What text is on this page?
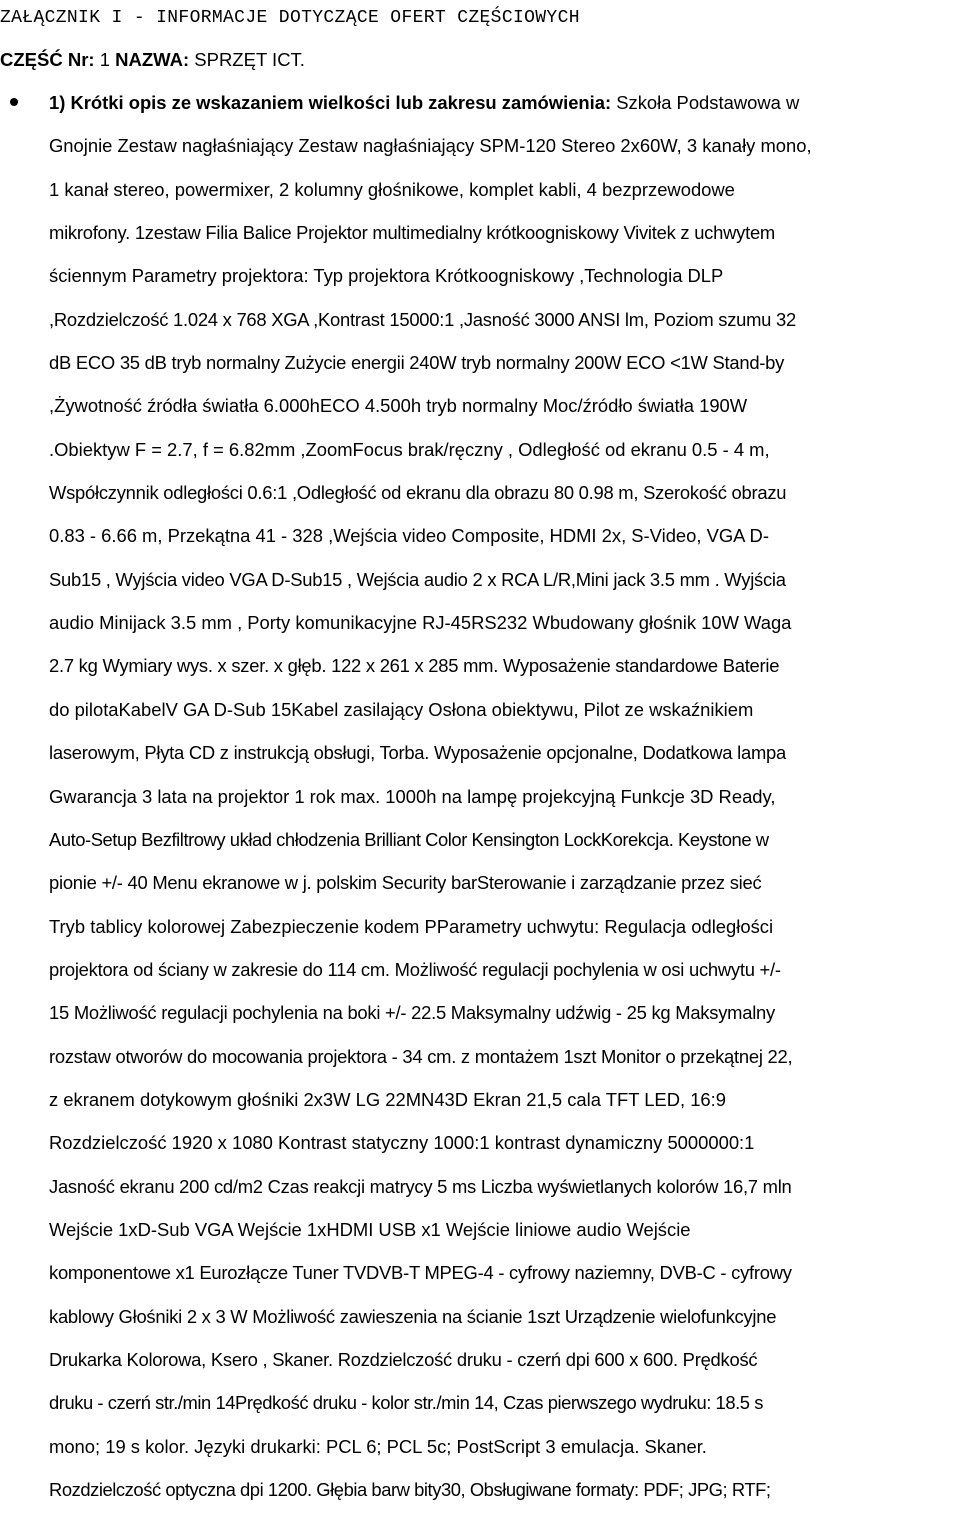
ZAŁĄCZNIK I - INFORMACJE DOTYCZĄCE OFERT CZĘŚCIOWYCH
CZĘŚĆ Nr: 1 NAZWA: SPRZĘT ICT.
1) Krótki opis ze wskazaniem wielkości lub zakresu zamówienia: Szkoła Podstawowa w
Gnojnie Zestaw nagłaśniający Zestaw nagłaśniający SPM-120 Stereo 2x60W, 3 kanały mono,
1 kanał stereo, powermixer, 2 kolumny głośnikowe, komplet kabli, 4 bezprzewodowe
mikrofony. 1zestaw Filia Balice Projektor multimedialny krótkoogniskowy Vivitek z uchwytem
ściennym Parametry projektora: Typ projektora Krótkoogniskowy ,Technologia DLP
,Rozdzielczość 1.024 x 768 XGA ,Kontrast 15000:1 ,Jasność 3000 ANSI lm, Poziom szumu 32
dB ECO 35 dB tryb normalny Zużycie energii 240W tryb normalny 200W ECO <1W Stand-by
,Żywotność źródła światła 6.000hECO 4.500h tryb normalny Moc/źródło światła 190W
.Obiektyw F = 2.7, f = 6.82mm ,ZoomFocus brak/ręczny , Odległość od ekranu 0.5 - 4 m,
Współczynnik odległości 0.6:1 ,Odległość od ekranu dla obrazu 80 0.98 m, Szerokość obrazu
0.83 - 6.66 m, Przekątna 41 - 328 ,Wejścia video Composite, HDMI 2x, S-Video, VGA D-
Sub15 , Wyjścia video VGA D-Sub15 , Wejścia audio 2 x RCA L/R,Mini jack 3.5 mm . Wyjścia
audio Minijack 3.5 mm , Porty komunikacyjne RJ-45RS232 Wbudowany głośnik 10W Waga
2.7 kg Wymiary wys. x szer. x głęb. 122 x 261 x 285 mm. Wyposażenie standardowe Baterie
do pilotaKabelV GA D-Sub 15Kabel zasilający Osłona obiektywu, Pilot ze wskaźnikiem
laserowym, Płyta CD z instrukcją obsługi, Torba. Wyposażenie opcjonalne, Dodatkowa lampa
Gwarancja 3 lata na projektor 1 rok max. 1000h na lampę projekcyjną Funkcje 3D Ready,
Auto-Setup Bezfiltrowy układ chłodzenia Brilliant Color Kensington LockKorekcja. Keystone w
pionie +/- 40 Menu ekranowe w j. polskim Security barSterowanie i zarządzanie przez sieć
Tryb tablicy kolorowej Zabezpieczenie kodem PParametry uchwytu: Regulacja odległości
projektora od ściany w zakresie do 114 cm. Możliwość regulacji pochylenia w osi uchwytu +/-
15 Możliwość regulacji pochylenia na boki +/- 22.5 Maksymalny udźwig - 25 kg Maksymalny
rozstaw otworów do mocowania projektora - 34 cm. z montażem 1szt Monitor o przekątnej 22,
z ekranem dotykowym głośniki 2x3W LG 22MN43D Ekran 21,5 cala TFT LED, 16:9
Rozdzielczość 1920 x 1080 Kontrast statyczny 1000:1 kontrast dynamiczny 5000000:1
Jasność ekranu 200 cd/m2 Czas reakcji matrycy 5 ms Liczba wyświetlanych kolorów 16,7 mln
Wejście 1xD-Sub VGA Wejście 1xHDMI USB x1 Wejście liniowe audio Wejście
komponentowe x1 Eurozłącze Tuner TVDVB-T MPEG-4 - cyfrowy naziemny, DVB-C - cyfrowy
kablowy Głośniki 2 x 3 W Możliwość zawieszenia na ścianie 1szt Urządzenie wielofunkcyjne
Drukarka Kolorowa, Ksero , Skaner. Rozdzielczość druku - czerń dpi 600 x 600. Prędkość
druku - czerń str./min 14Prędkość druku - kolor str./min 14, Czas pierwszego wydruku: 18.5 s
mono; 19 s kolor. Języki drukarki: PCL 6; PCL 5c; PostScript 3 emulacja. Skaner.
Rozdzielczość optyczna dpi 1200. Głębia barw bity30, Obsługiwane formaty: PDF; JPG; RTF;
